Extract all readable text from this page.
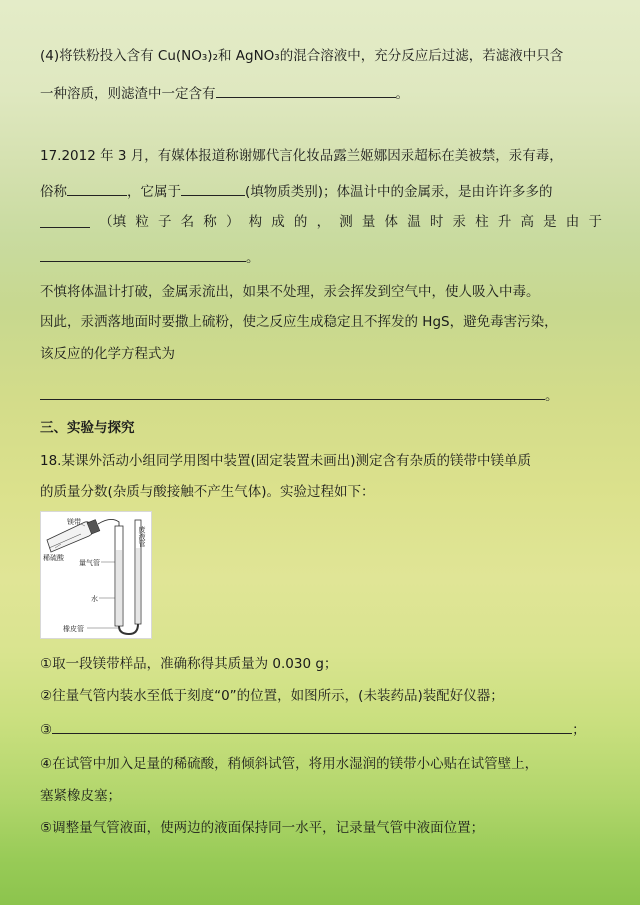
(4)将铁粉投入含有 Cu(NO₃)₂和 AgNO₃的混合溶液中，充分反应后过滤，若滤液中只含
一种溶质，则滤渣中一定含有	。
17.2012 年 3 月，有媒体报道称谢娜代言化妆品露兰姬娜因汞超标在美被禁，汞有毒，
俗称	，它属于	(填物质类别)；体温计中的金属汞，是由许许多多的
（填 粒 子 名 称 ） 构 成 的 ， 测 量 体 温 时 汞 柱 升 高 是 由 于
。
不慎将体温计打破，金属汞流出，如果不处理，汞会挥发到空气中，使人吸入中毒。
因此，汞洒落地面时要撒上硫粉，使之反应生成稳定且不挥发的 HgS，避免毒害污染，
该反应的化学方程式为
。
三、实验与探究
18.某课外活动小组同学用图中装置(固定装置未画出)测定含有杂质的镁带中镁单质
的质量分数(杂质与酸接触不产生气体)。实验过程如下：
镁带
稀硫酸
量气管
水
橡皮管
废液管
①取一段镁带样品，准确称得其质量为 0.030 g；
②往量气管内装水至低于刻度“0”的位置，如图所示，(未装药品)装配好仪器；
③	；
④在试管中加入足量的稀硫酸，稍倾斜试管，将用水湿润的镁带小心贴在试管壁上，
塞紧橡皮塞；
⑤调整量气管液面，使两边的液面保持同一水平，记录量气管中液面位置；
